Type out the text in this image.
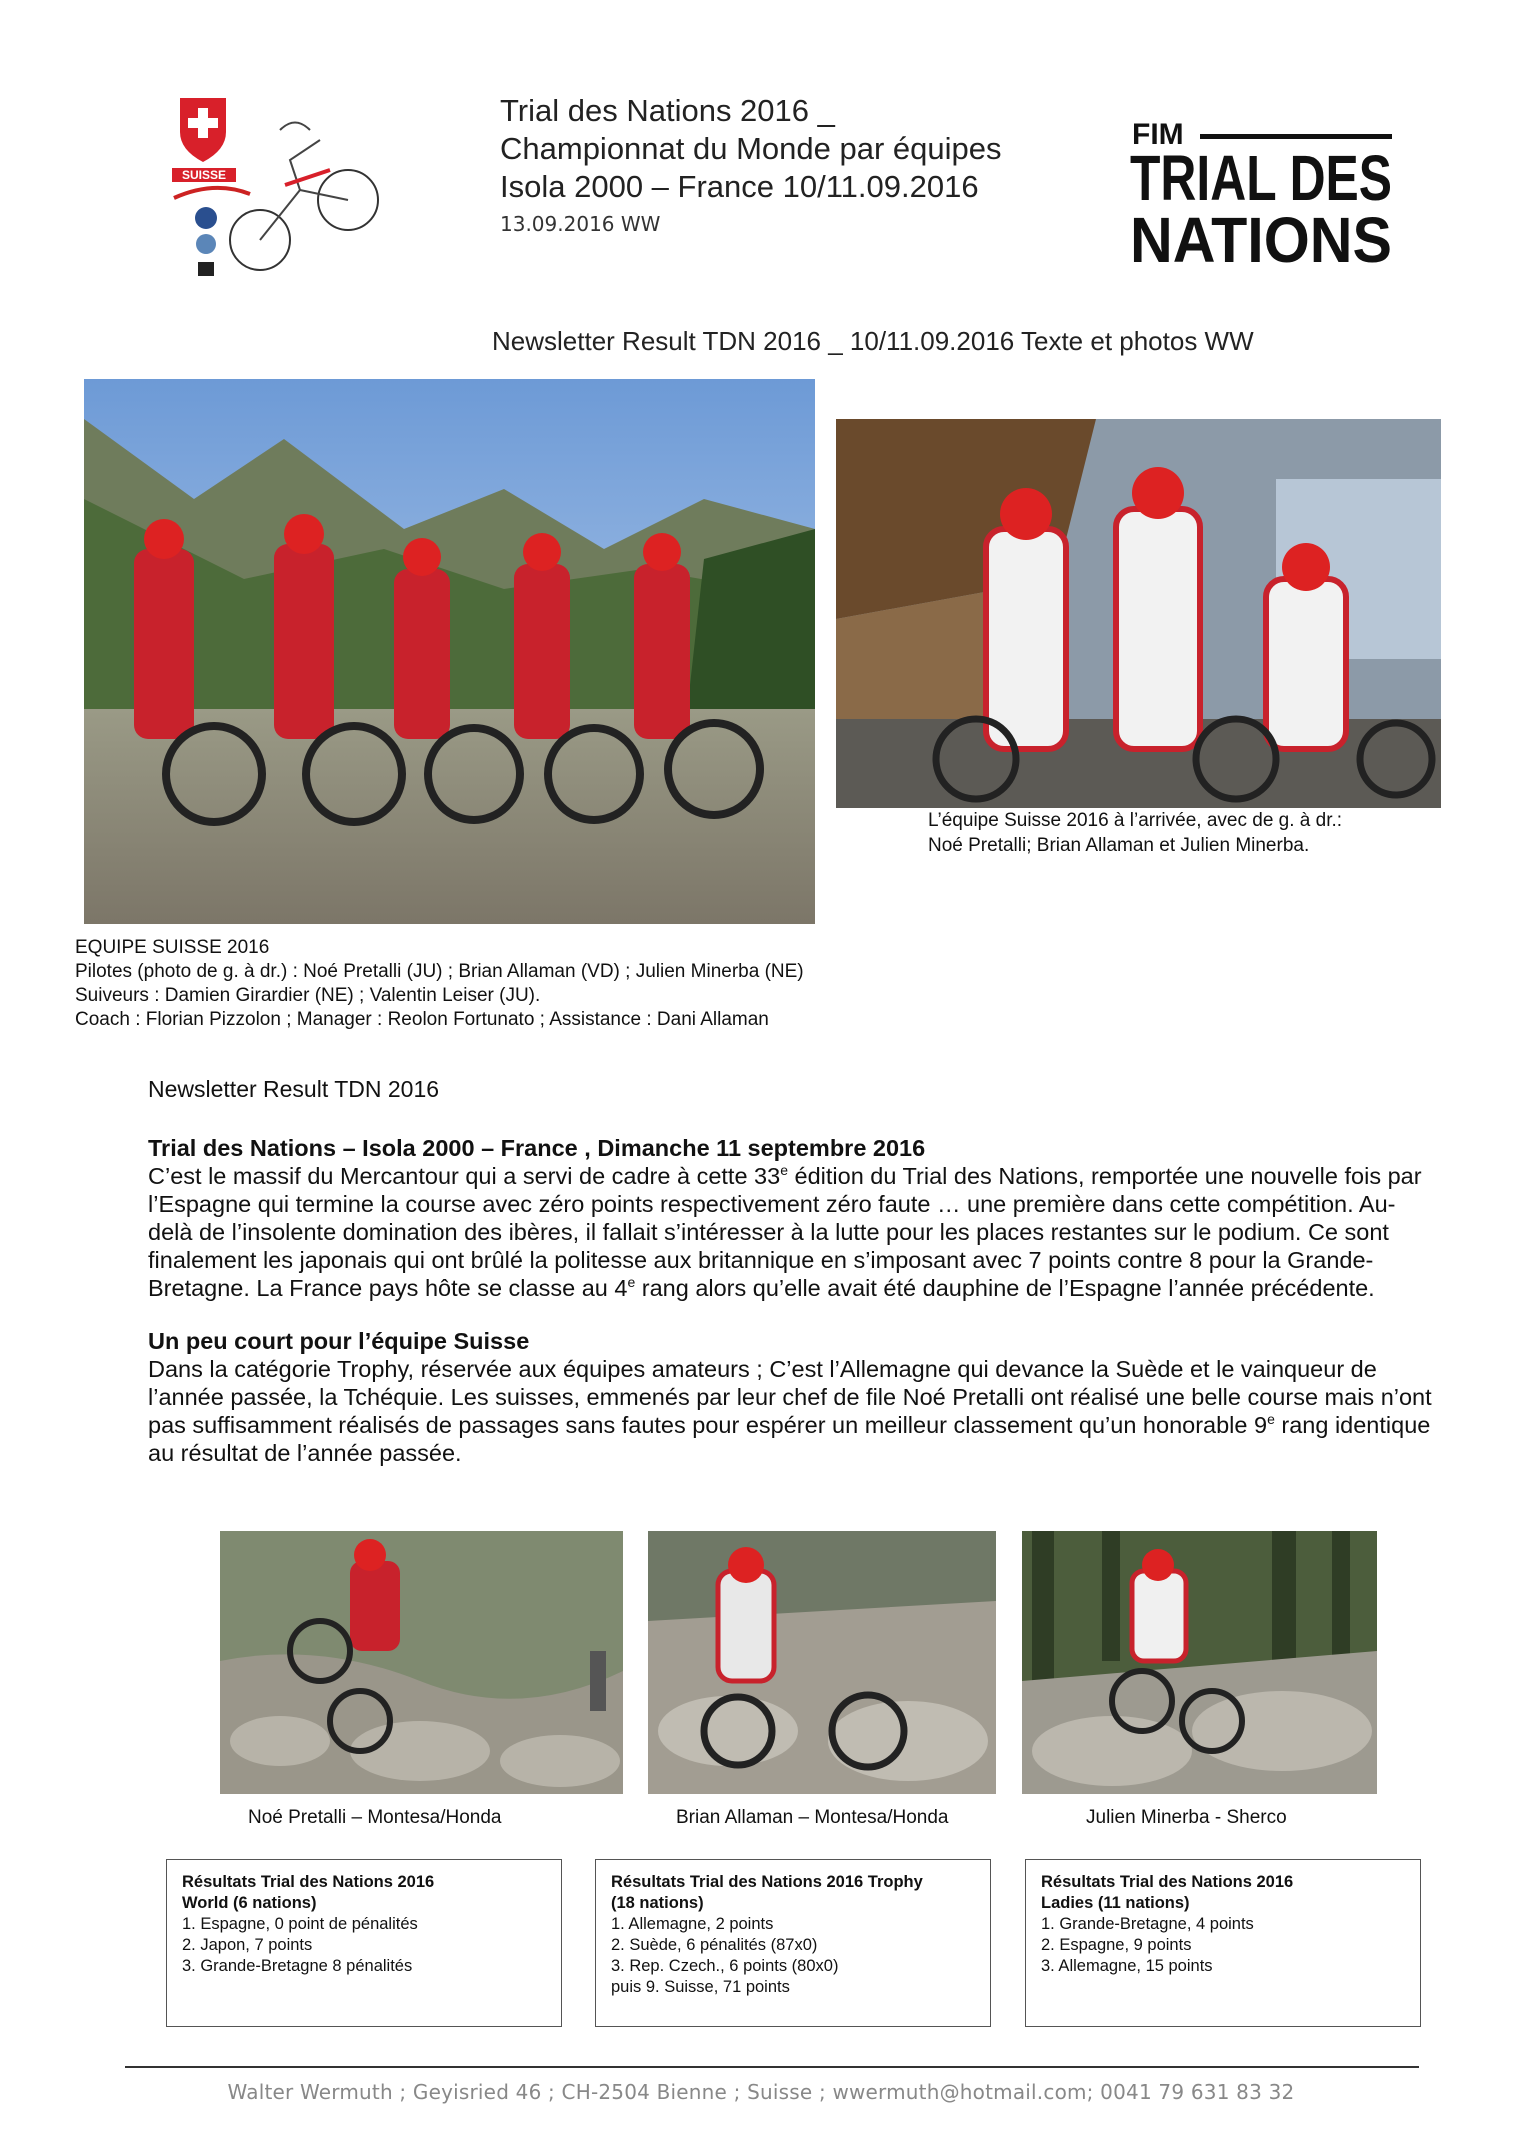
SUISSE
Trial des Nations 2016 _
Championnat du Monde par équipes
Isola 2000 – France 10/11.09.2016
13.09.2016 WW
FIM
TRIAL DES
NATIONS
Newsletter Result TDN 2016 _ 10/11.09.2016 Texte et photos WW
L’équipe Suisse 2016 à l’arrivée, avec de g. à dr.:
Noé Pretalli; Brian Allaman et Julien Minerba.
EQUIPE SUISSE 2016
Pilotes (photo de g. à dr.) : Noé Pretalli (JU) ; Brian Allaman (VD) ; Julien Minerba (NE)
Suiveurs : Damien Girardier (NE) ; Valentin Leiser (JU).
Coach : Florian Pizzolon ; Manager : Reolon Fortunato ; Assistance : Dani Allaman
Newsletter Result TDN 2016
Trial des Nations – Isola 2000 – France , Dimanche 11 septembre 2016

C’est le massif du Mercantour qui a servi de cadre à cette 33e édition du Trial des Nations, remportée une nouvelle fois par l’Espagne qui termine la course avec zéro points respectivement zéro faute … une première dans cette compétition. Au-delà de l’insolente domination des ibères, il fallait s’intéresser à la lutte pour les places restantes sur le podium. Ce sont finalement les japonais qui ont brûlé la politesse aux britannique en s’imposant avec 7 points contre 8 pour la Grande-Bretagne. La France pays hôte se classe au 4e rang alors qu’elle avait été dauphine de l’Espagne l’année précédente.

Un peu court pour l’équipe Suisse

Dans la catégorie Trophy, réservée aux équipes amateurs ; C’est l’Allemagne qui devance la Suède et le vainqueur de l’année passée, la Tchéquie. Les suisses, emmenés par leur chef de file Noé Pretalli ont réalisé une belle course mais n’ont pas suffisamment réalisés de passages sans fautes pour espérer un meilleur classement qu’un honorable 9e rang identique au résultat de l’année passée.

Noé Pretalli – Montesa/Honda	Brian Allaman – Montesa/Honda	Julien Minerba - Sherco
Résultats Trial des Nations 2016
World (6 nations)
1. Espagne, 0 point de pénalités
2. Japon, 7 points
3. Grande-Bretagne 8 pénalités
Résultats Trial des Nations 2016 Trophy
(18 nations)
1. Allemagne, 2 points
2. Suède, 6 pénalités (87x0)
3. Rep. Czech., 6 points (80x0)
puis 9. Suisse, 71 points
Résultats Trial des Nations 2016
Ladies (11 nations)
1. Grande-Bretagne, 4 points
2. Espagne, 9 points
3. Allemagne, 15 points
Walter Wermuth ; Geyisried 46 ; CH-2504 Bienne ; Suisse ; wwermuth@hotmail.com; 0041 79 631 83 32
